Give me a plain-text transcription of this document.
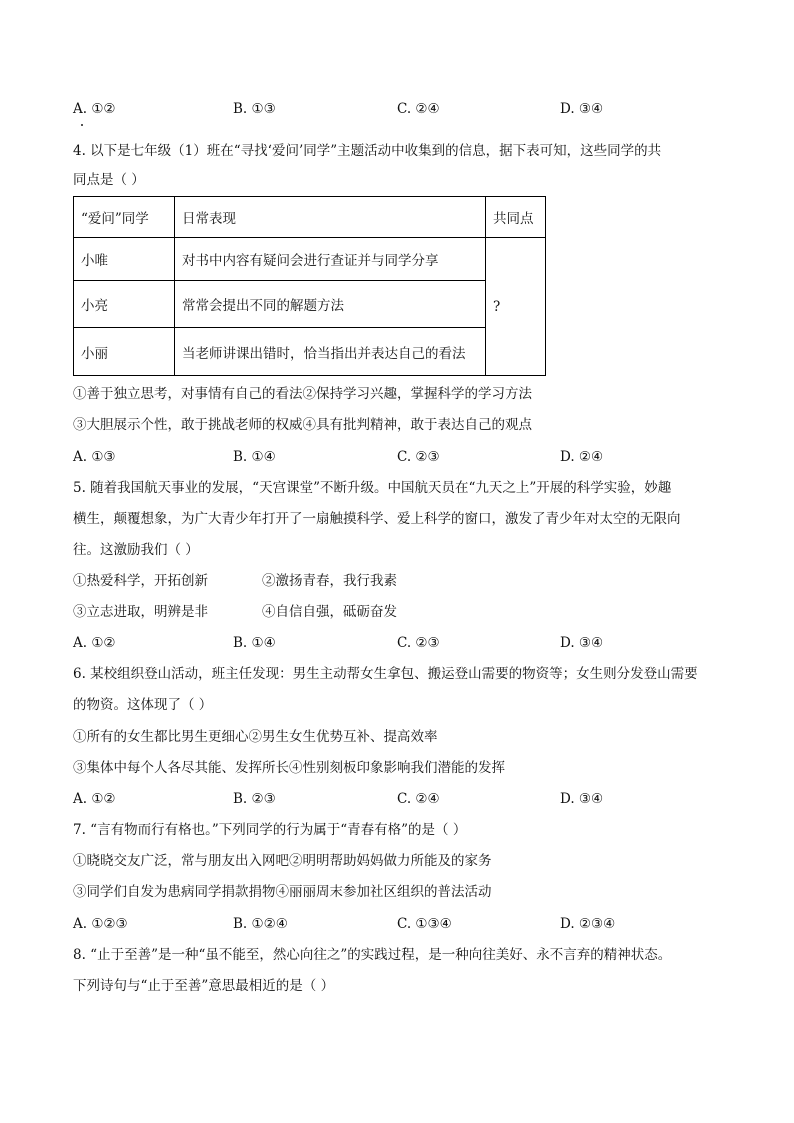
A. ①②	B. ①③	C. ②④	D. ③④
4. 以下是七年级（1）班在“寻找‘爱问’同学”主题活动中收集到的信息，据下表可知，这些同学的共
同点是（ ）
“爱问”同学	日常表现	共同点
小唯	对书中内容有疑问会进行查证并与同学分享	?
小亮	常常会提出不同的解题方法	
小丽	当老师讲课出错时，恰当指出并表达自己的看法	
①善于独立思考，对事情有自己的看法②保持学习兴趣，掌握科学的学习方法
③大胆展示个性，敢于挑战老师的权威④具有批判精神，敢于表达自己的观点
A. ①③	B. ①④	C. ②③	D. ②④
5. 随着我国航天事业的发展，“天宫课堂”不断升级。中国航天员在“九天之上”开展的科学实验，妙趣
横生，颠覆想象，为广大青少年打开了一扇触摸科学、爱上科学的窗口，激发了青少年对太空的无限向
往。这激励我们（ ）
①热爱科学，开拓创新	②激扬青春，我行我素
③立志进取，明辨是非	④自信自强，砥砺奋发
A. ①②	B. ①④	C. ②③	D. ③④
6. 某校组织登山活动，班主任发现：男生主动帮女生拿包、搬运登山需要的物资等；女生则分发登山需要
的物资。这体现了（ ）
①所有的女生都比男生更细心②男生女生优势互补、提高效率
③集体中每个人各尽其能、发挥所长④性别刻板印象影响我们潜能的发挥
A. ①②	B. ②③	C. ②④	D. ③④
7. “言有物而行有格也。”下列同学的行为属于“青春有格”的是（ ）
①晓晓交友广泛，常与朋友出入网吧②明明帮助妈妈做力所能及的家务
③同学们自发为患病同学捐款捐物④丽丽周末参加社区组织的普法活动
A. ①②③	B. ①②④	C. ①③④	D. ②③④
8. “止于至善”是一种“虽不能至，然心向往之”的实践过程，是一种向往美好、永不言弃的精神状态。
下列诗句与“止于至善”意思最相近的是（ ）
